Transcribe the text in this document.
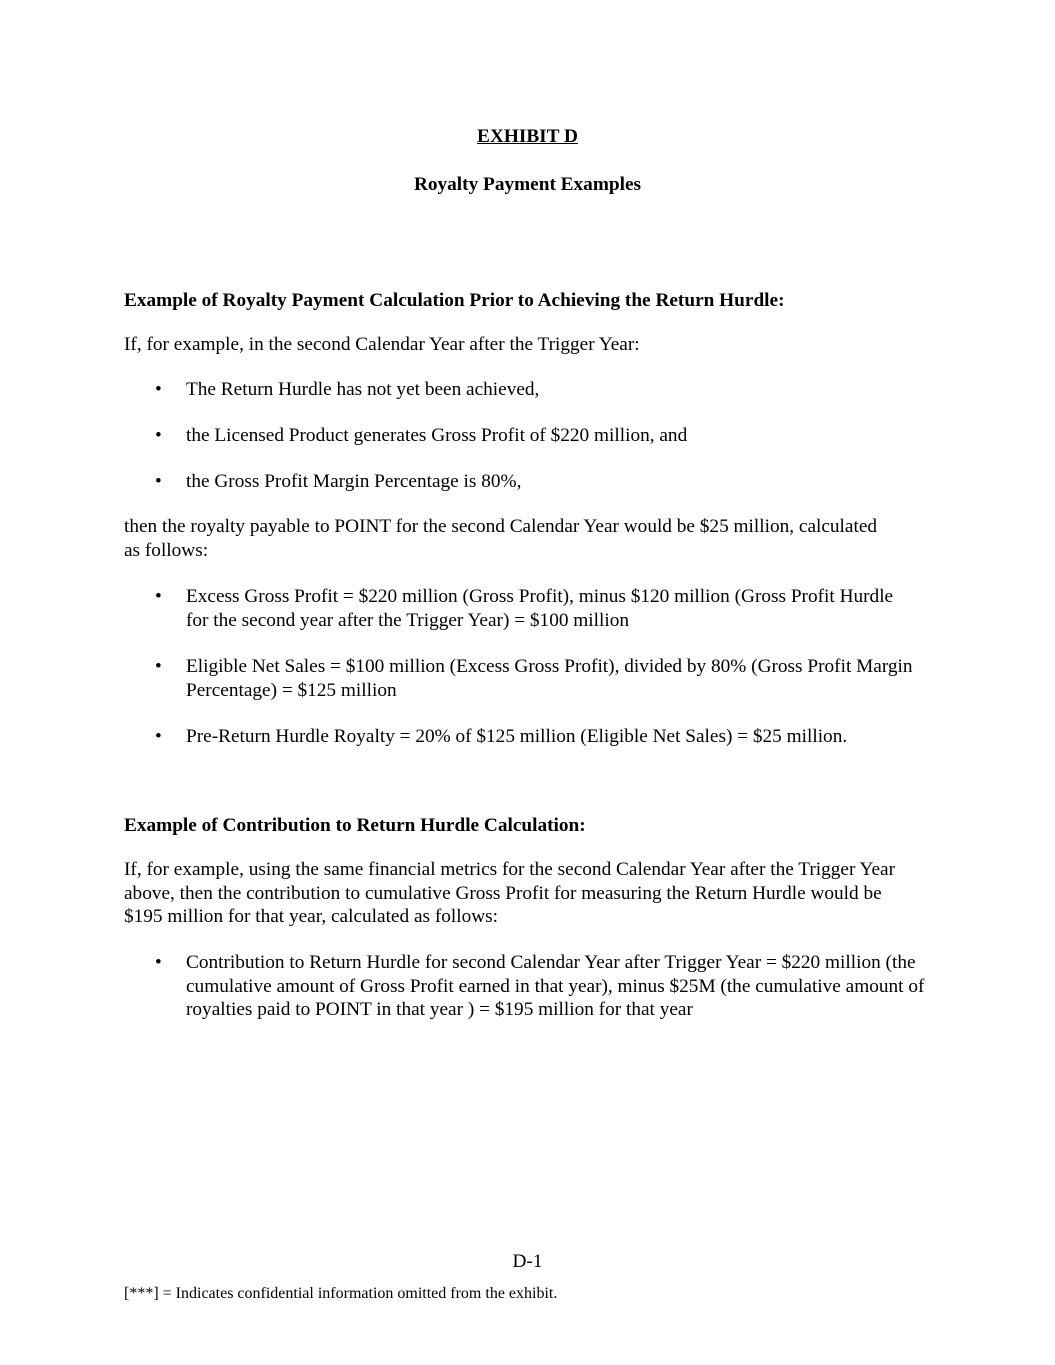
EXHIBIT D
Royalty Payment Examples
Example of Royalty Payment Calculation Prior to Achieving the Return Hurdle:
If, for example, in the second Calendar Year after the Trigger Year:
• The Return Hurdle has not yet been achieved,
• the Licensed Product generates Gross Profit of $220 million, and
• the Gross Profit Margin Percentage is 80%,
then the royalty payable to POINT for the second Calendar Year would be $25 million, calculated as follows:
• Excess Gross Profit = $220 million (Gross Profit), minus $120 million (Gross Profit Hurdle for the second year after the Trigger Year) = $100 million
• Eligible Net Sales = $100 million (Excess Gross Profit), divided by 80% (Gross Profit Margin Percentage) = $125 million
• Pre-Return Hurdle Royalty = 20% of $125 million (Eligible Net Sales) = $25 million.
Example of Contribution to Return Hurdle Calculation:
If, for example, using the same financial metrics for the second Calendar Year after the Trigger Year above, then the contribution to cumulative Gross Profit for measuring the Return Hurdle would be $195 million for that year, calculated as follows:
• Contribution to Return Hurdle for second Calendar Year after Trigger Year = $220 million (the cumulative amount of Gross Profit earned in that year), minus $25M (the cumulative amount of royalties paid to POINT in that year ) = $195 million for that year
D-1
[***] = Indicates confidential information omitted from the exhibit.
